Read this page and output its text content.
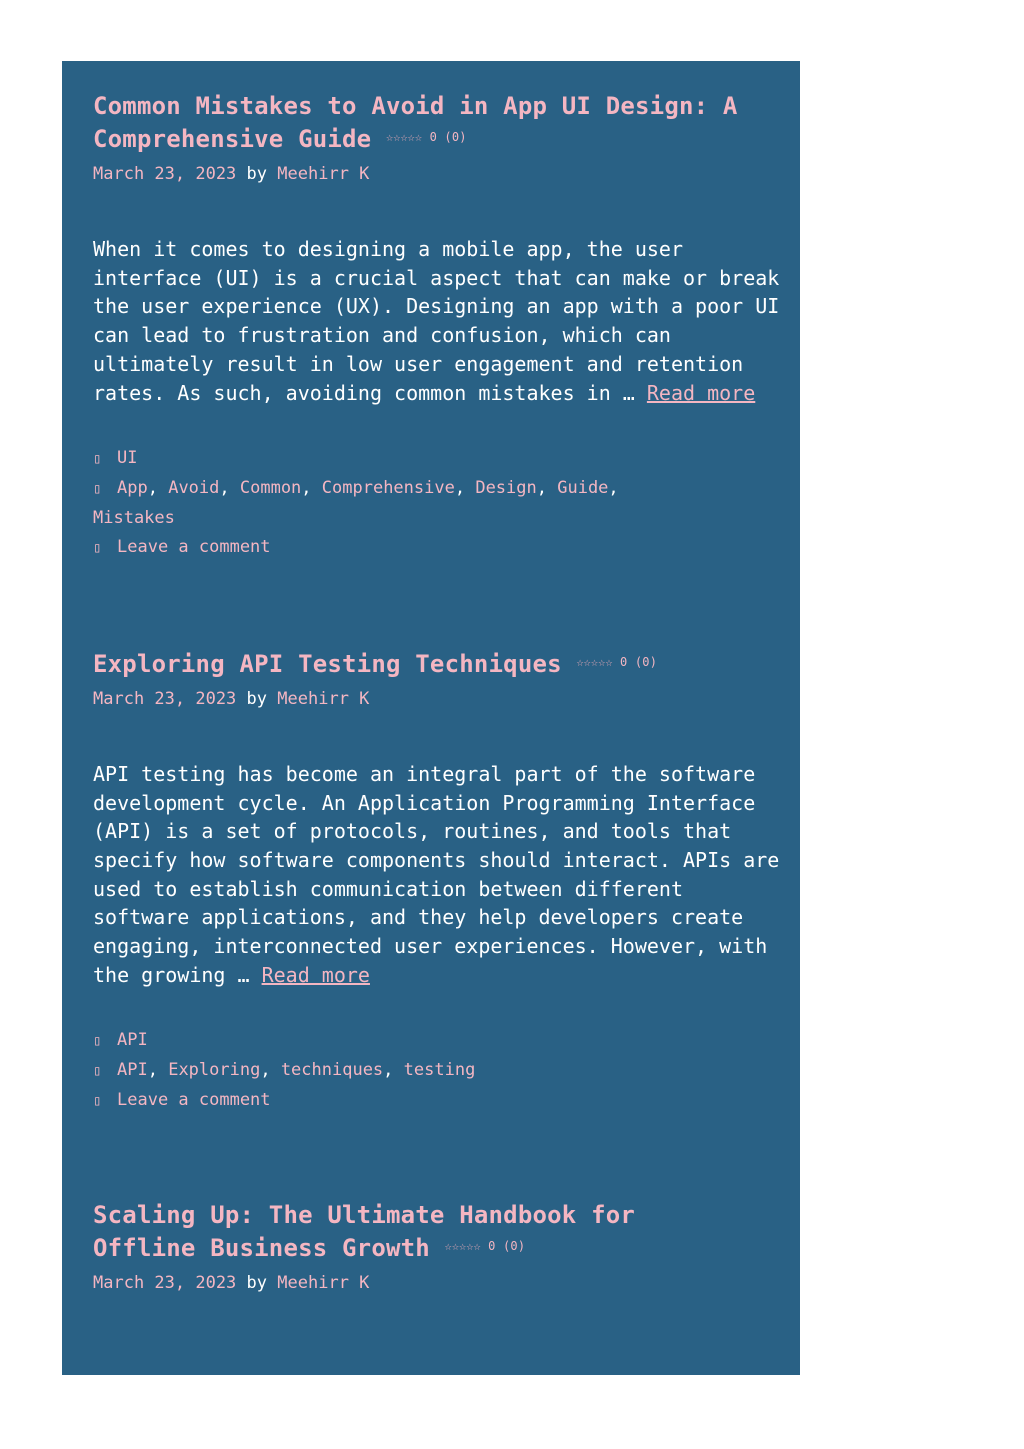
Common Mistakes to Avoid in App UI Design: A Comprehensive Guide $^{☆☆☆☆☆ 0 (0)}$

March 23, 2023 by Meehirr K

When it comes to designing a mobile app, the user interface (UI) is a crucial aspect that can make or break the user experience (UX). Designing an app with a poor UI can lead to frustration and confusion, which can ultimately result in low user engagement and retention rates. As such, avoiding common mistakes in … Read more

▯ UI
▯ App, Avoid, Common, Comprehensive, Design, Guide,
Mistakes
▯ Leave a comment
Exploring API Testing Techniques $^{☆☆☆☆☆ 0 (0)}$

March 23, 2023 by Meehirr K

API testing has become an integral part of the software development cycle. An Application Programming Interface (API) is a set of protocols, routines, and tools that specify how software components should interact. APIs are used to establish communication between different software applications, and they help developers create engaging, interconnected user experiences. However, with the growing … Read more

▯ API
▯ API, Exploring, techniques, testing
▯ Leave a comment
Scaling Up: The Ultimate Handbook for Offline Business Growth $^{☆☆☆☆☆ 0 (0)}$

March 23, 2023 by Meehirr K
